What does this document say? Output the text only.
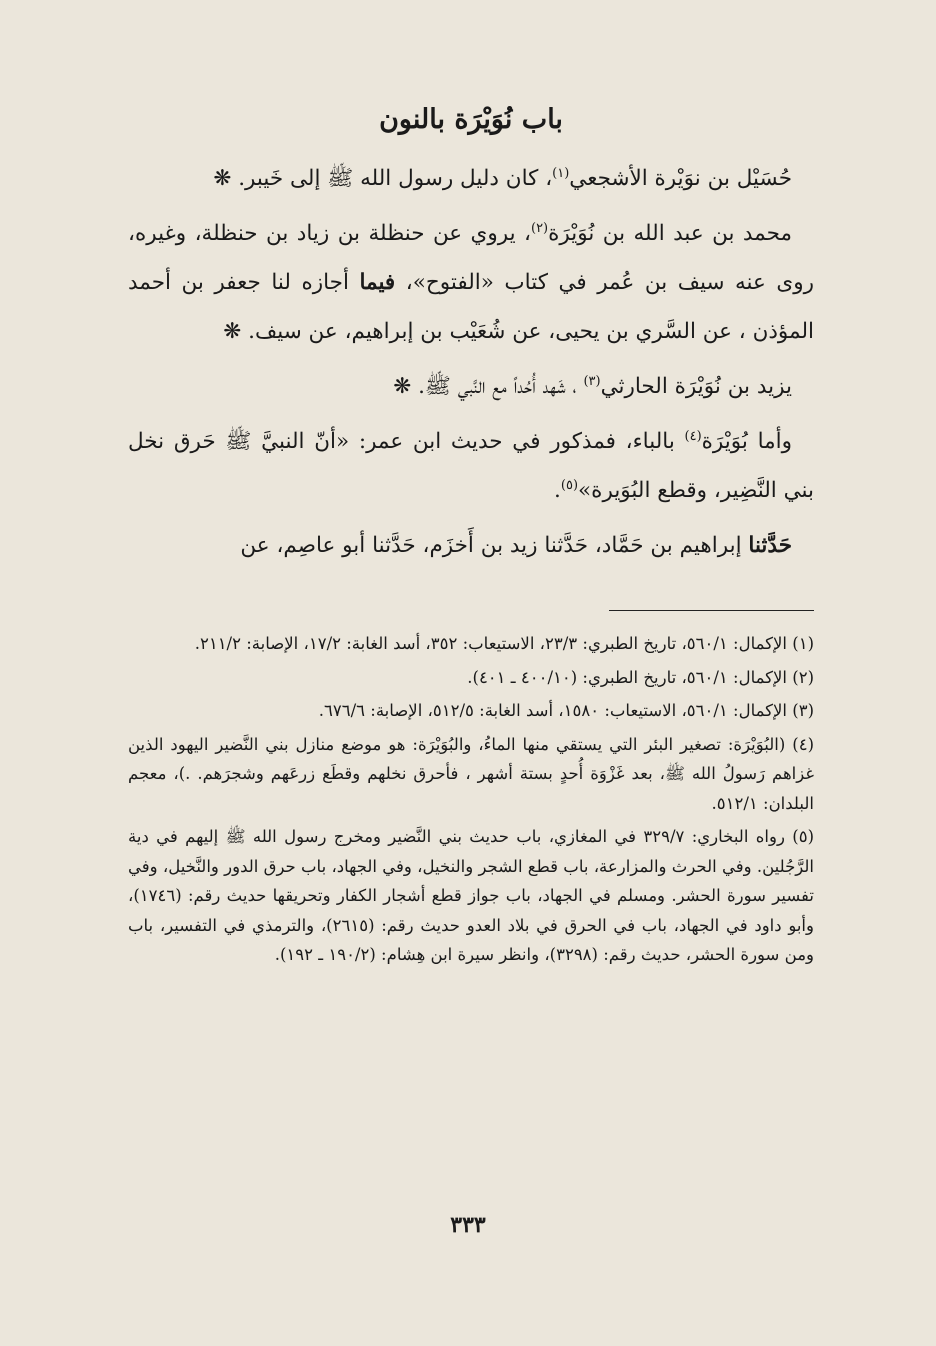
باب نُوَيْرَة بالنون

حُسَيْل بن نوَيْرة الأشجعي$^{(١)}$، كان دليل رسول الله ﷺ إلى خَيبر. ❋

محمد بن عبد الله بن نُوَيْرَة$^{(٢)}$، يروي عن حنظلة بن زياد بن حنظلة، وغيره، روى عنه سيف بن عُمر في كتاب «الفتوح»، فيما أجازه لنا جعفر بن أحمد المؤذن ، عن السَّري بن يحيى، عن شُعَيْب بن إبراهيم، عن سيف. ❋

يزيد بن نُوَيْرَة الحارثي$^{(٣)}$ ، شَهد أُحُداً مع النَّبي ﷺ. ❋

وأما بُوَيْرَة$^{(٤)}$ بالباء، فمذكور في حديث ابن عمر: «أنّ النبيَّ ﷺ حَرق نخل بني النَّضِير، وقطع البُوَيرة»$^{(٥)}$.

حَدَّثنا إبراهيم بن حَمَّاد، حَدَّثنا زيد بن أَخزَم، حَدَّثنا أبو عاصِم، عن

(١) الإكمال: ٥٦٠/١، تاريخ الطبري: ٢٣/٣، الاستيعاب: ٣٥٢، أسد الغابة: ١٧/٢، الإصابة: ٢١١/٢.

(٢) الإكمال: ٥٦٠/١، تاريخ الطبري: (٤٠٠/١٠ ـ ٤٠١).

(٣) الإكمال: ٥٦٠/١، الاستيعاب: ١٥٨٠، أسد الغابة: ٥١٢/٥، الإصابة: ٦٧٦/٦.

(٤) (البُوَيْرَة: تصغير البئر التي يستقي منها الماءُ، والبُوَيْرَة: هو موضع منازل بني النَّضير اليهود الذين غزاهم رَسولُ الله ﷺ، بعد غَزْوَة أُحدٍ بستة أشهر ، فأحرق نخلهم وقطَع زرعَهم وشجرَهم. .)، معجم البلدان: ٥١٢/١.

(٥) رواه البخاري: ٣٢٩/٧ في المغازي، باب حديث بني النَّضير ومخرج رسول الله ﷺ إليهم في دية الرَّجُلين. وفي الحرث والمزارعة، باب قطع الشجر والنخيل، وفي الجهاد، باب حرق الدور والنَّخيل، وفي تفسير سورة الحشر. ومسلم في الجهاد، باب جواز قطع أشجار الكفار وتحريقها حديث رقم: (١٧٤٦)، وأبو داود في الجهاد، باب في الحرق في بلاد العدو حديث رقم: (٢٦١٥)، والترمذي في التفسير، باب ومن سورة الحشر، حديث رقم: (٣٢٩٨)، وانظر سيرة ابن هِشام: (١٩٠/٢ ـ ١٩٢).

٣٣٣
